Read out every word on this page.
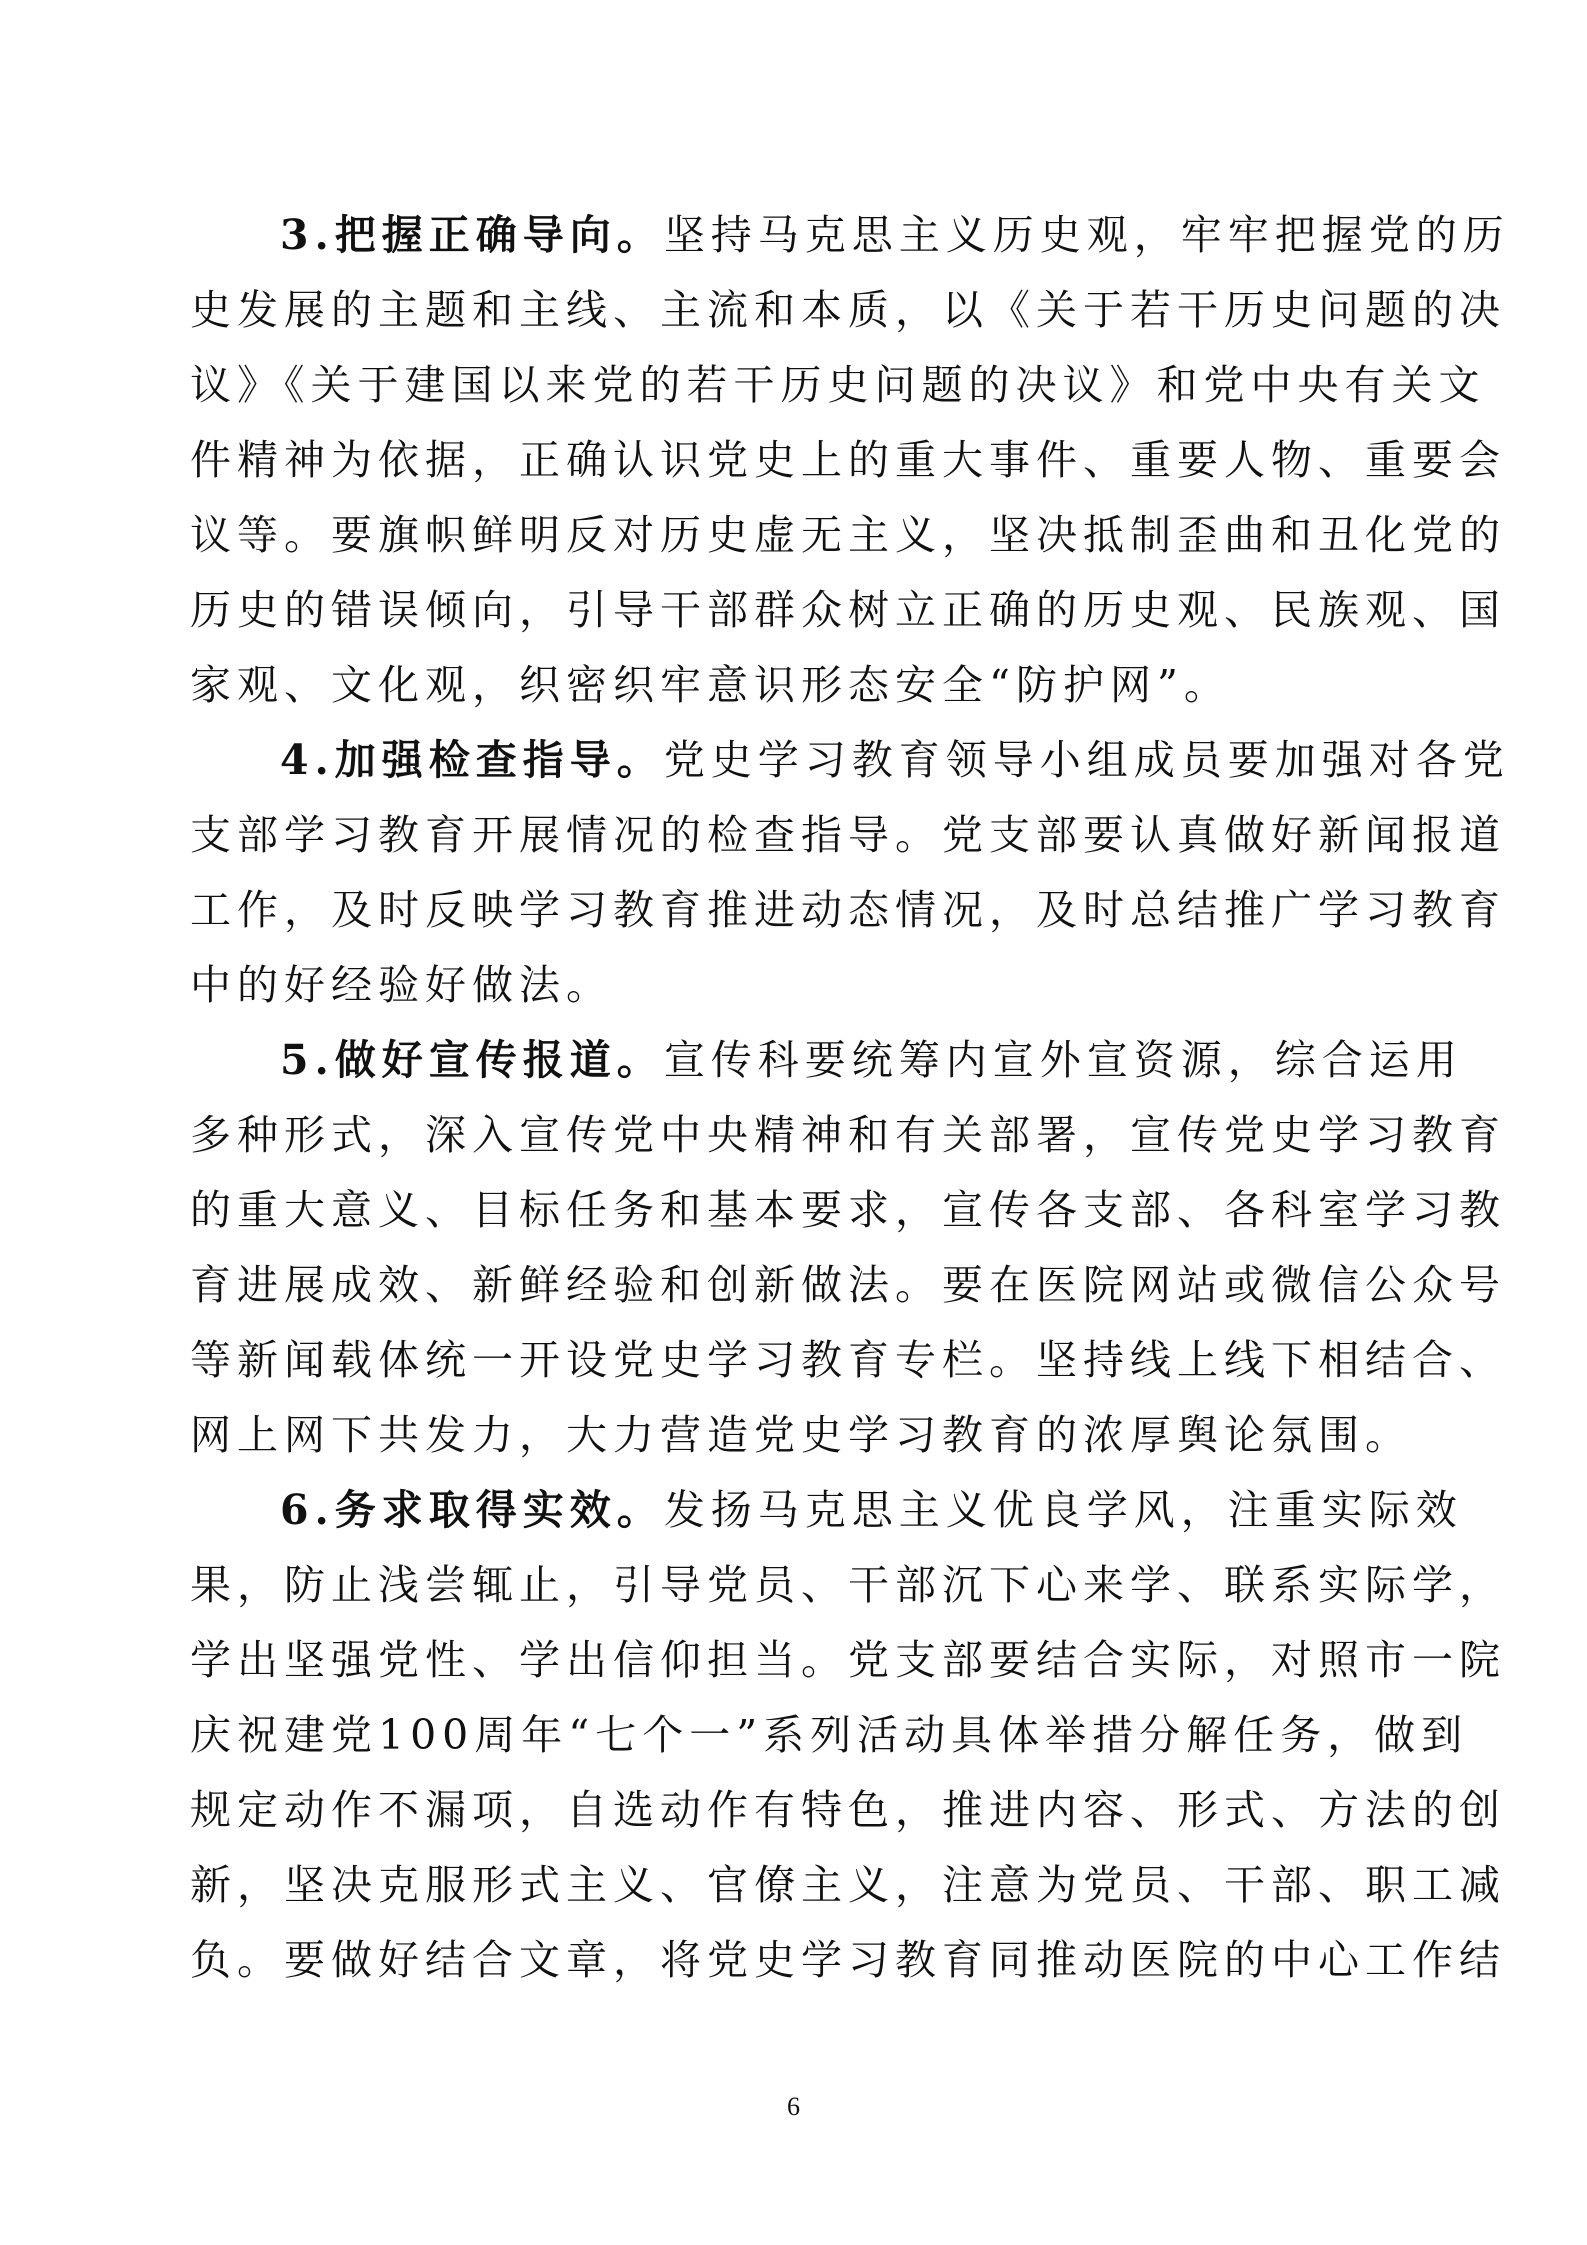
3.把握正确导向。坚持马克思主义历史观，牢牢把握党的历
史发展的主题和主线、主流和本质，以《关于若干历史问题的决
议》《关于建国以来党的若干历史问题的决议》和党中央有关文
件精神为依据，正确认识党史上的重大事件、重要人物、重要会
议等。要旗帜鲜明反对历史虚无主义，坚决抵制歪曲和丑化党的
历史的错误倾向，引导干部群众树立正确的历史观、民族观、国
家观、文化观，织密织牢意识形态安全“防护网”。
4.加强检查指导。党史学习教育领导小组成员要加强对各党
支部学习教育开展情况的检查指导。党支部要认真做好新闻报道
工作，及时反映学习教育推进动态情况，及时总结推广学习教育
中的好经验好做法。
5.做好宣传报道。宣传科要统筹内宣外宣资源，综合运用
多种形式，深入宣传党中央精神和有关部署，宣传党史学习教育
的重大意义、目标任务和基本要求，宣传各支部、各科室学习教
育进展成效、新鲜经验和创新做法。要在医院网站或微信公众号
等新闻载体统一开设党史学习教育专栏。坚持线上线下相结合、
网上网下共发力，大力营造党史学习教育的浓厚舆论氛围。
6.务求取得实效。发扬马克思主义优良学风，注重实际效
果，防止浅尝辄止，引导党员、干部沉下心来学、联系实际学，
学出坚强党性、学出信仰担当。党支部要结合实际，对照市一院
庆祝建党100周年“七个一”系列活动具体举措分解任务，做到
规定动作不漏项，自选动作有特色，推进内容、形式、方法的创
新，坚决克服形式主义、官僚主义，注意为党员、干部、职工减
负。要做好结合文章，将党史学习教育同推动医院的中心工作结
6
